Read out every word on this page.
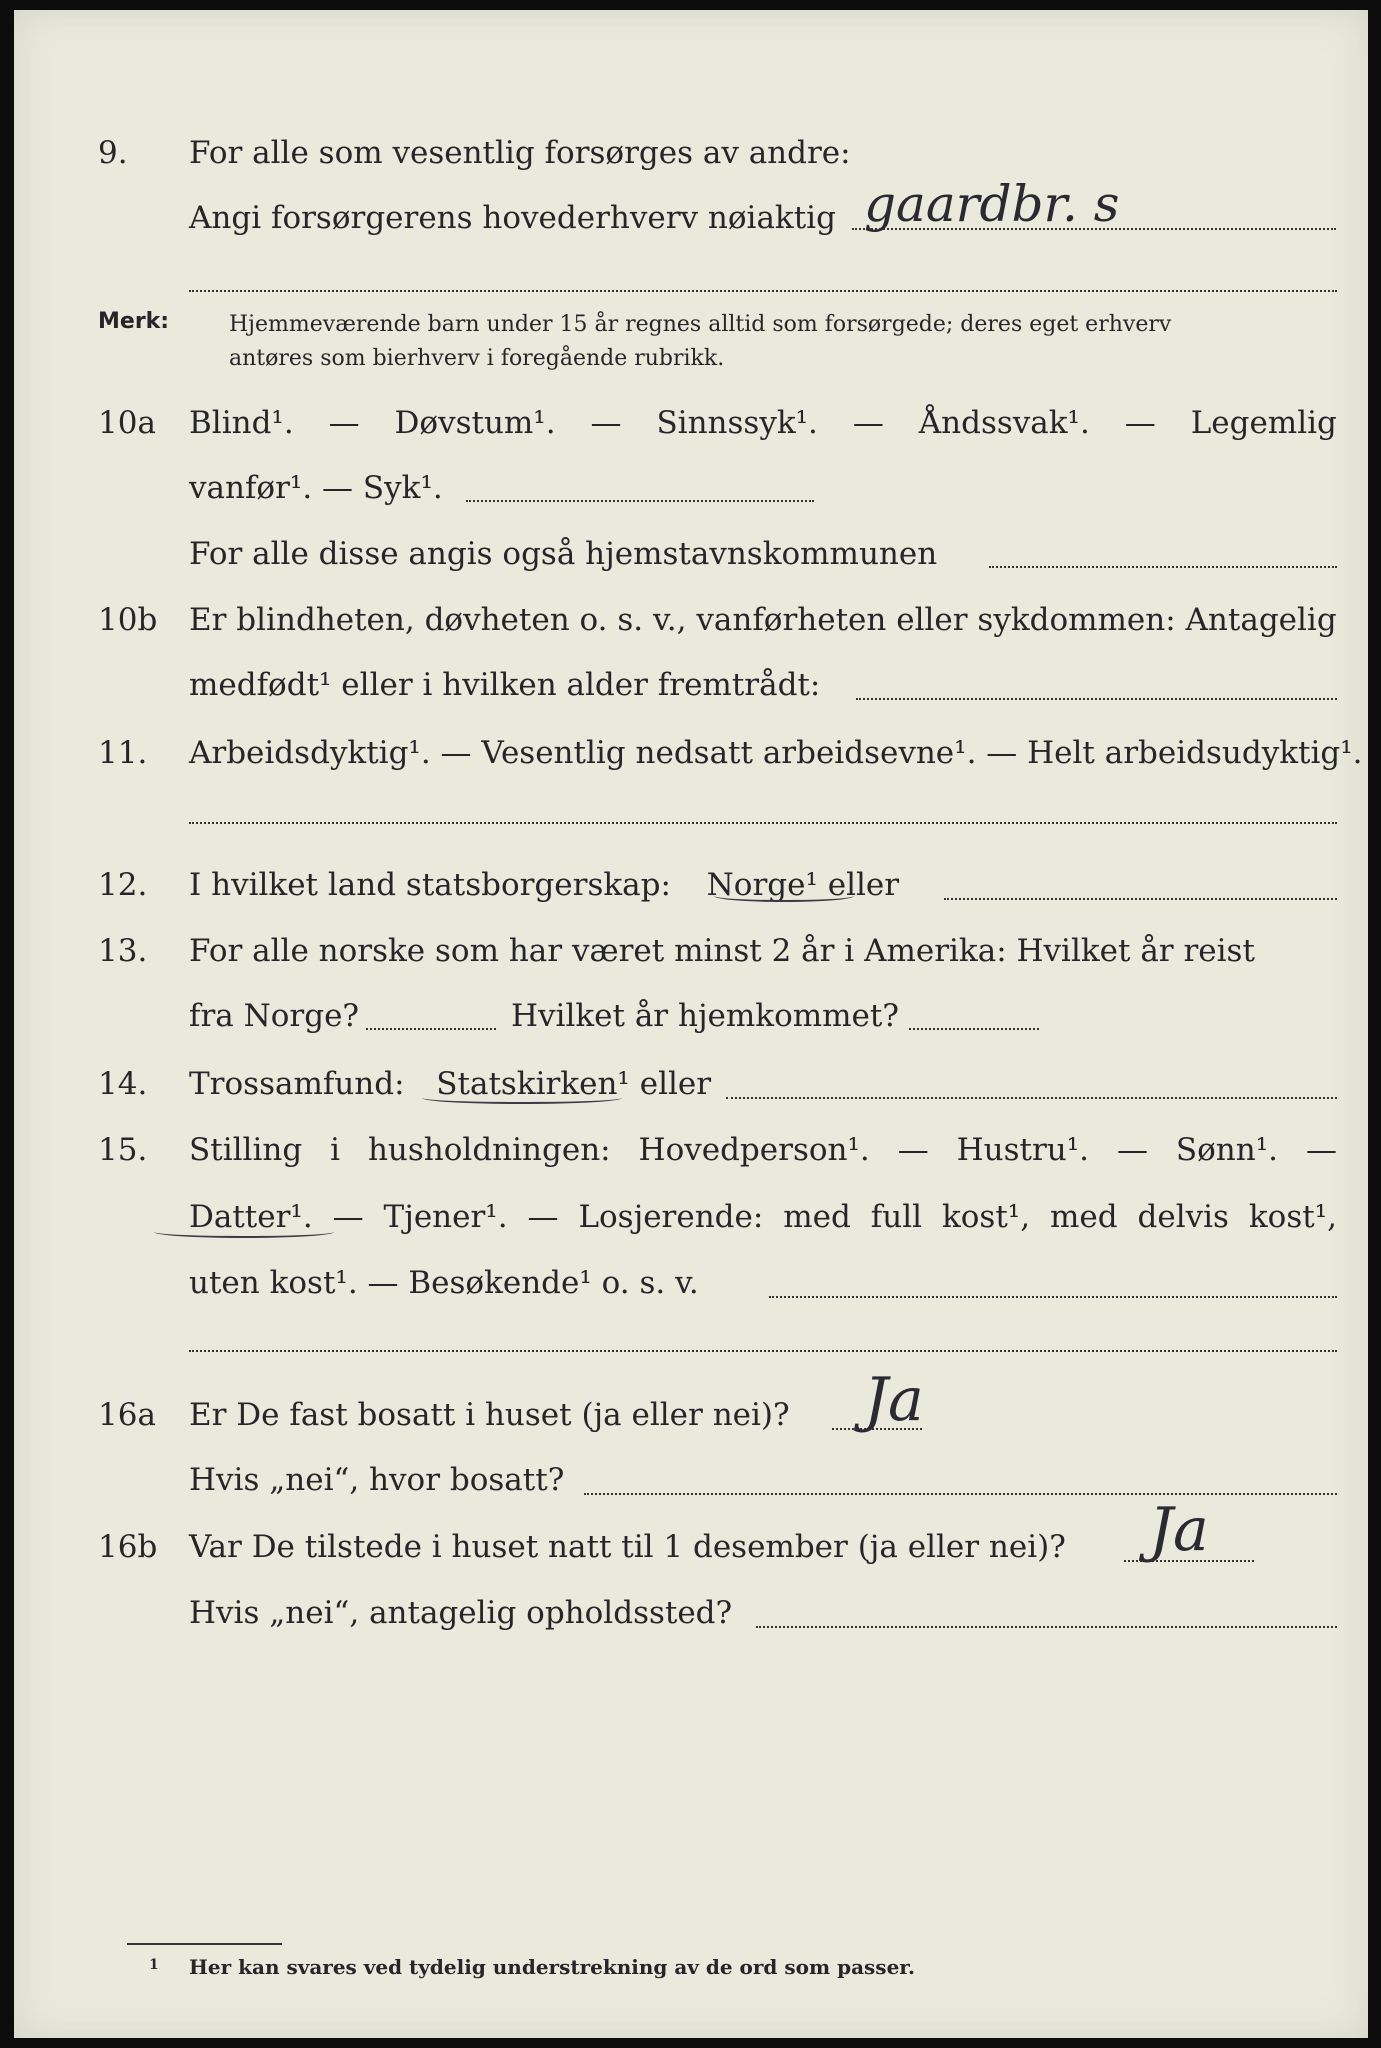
9. For alle som vesentlig forsørges av andre:
Angi forsørgerens hovederhverv nøiaktig gaardbr. s
Merk:	Hjemmeværende barn under 15 år regnes alltid som forsørgede; deres eget erhverv
antøres som bierhverv i foregående rubrikk.
10a Blind¹. — Døvstum¹. — Sinnssyk¹. — Åndssvak¹. — Legemlig
vanfør¹. — Syk¹.
For alle disse angis også hjemstavnskommunen
10b Er blindheten, døvheten o. s. v., vanførheten eller sykdommen: Antagelig
medfødt¹ eller i hvilken alder fremtrådt:
11. Arbeidsdyktig¹. — Vesentlig nedsatt arbeidsevne¹. — Helt arbeidsudyktig¹.
12. I hvilket land statsborgerskap: Norge¹ eller
13. For alle norske som har været minst 2 år i Amerika: Hvilket år reist
fra Norge?	Hvilket år hjemkommet?
14. Trossamfund: Statskirken¹ eller
15. Stilling i husholdningen: Hovedperson¹. — Hustru¹. — Sønn¹. —
Datter¹. — Tjener¹. — Losjerende: med full kost¹, med delvis kost¹,
uten kost¹. — Besøkende¹ o. s. v.
16a Er De fast bosatt i huset (ja eller nei)? Ja
Hvis „nei“, hvor bosatt?
16b Var De tilstede i huset natt til 1 desember (ja eller nei)? Ja
Hvis „nei“, antagelig opholdssted?
1 Her kan svares ved tydelig understrekning av de ord som passer.
